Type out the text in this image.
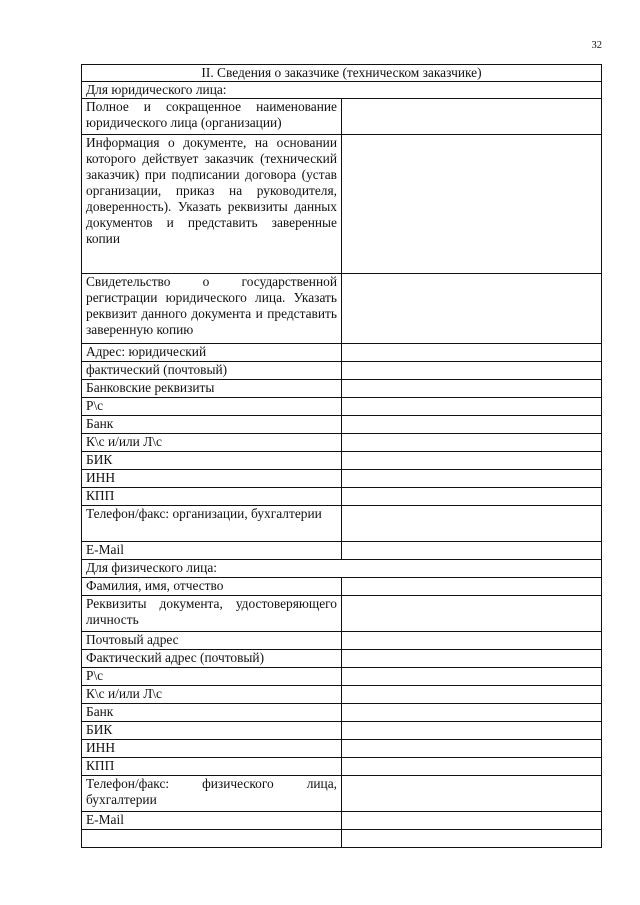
32
II. Сведения о заказчике (техническом заказчике)	
Для юридического лица:	
Полное и сокращенное наименование юридического лица (организации)	
Информация о документе, на основании которого действует заказчик (технический заказчик) при подписании договора (устав организации, приказ на руководителя, доверенность). Указать реквизиты данных документов и представить заверенные копии	
Свидетельство о государственной регистрации юридического лица. Указать реквизит данного документа и представить заверенную копию	
Адрес: юридический	
фактический (почтовый)	
Банковские реквизиты	
Р\с	
Банк	
К\с и/или Л\с	
БИК	
ИНН	
КПП	
Телефон/факс: организации, бухгалтерии	
E-Mail	
Для физического лица:	
Фамилия, имя, отчество	
Реквизиты документа, удостоверяющего личность	
Почтовый адрес	
Фактический адрес (почтовый)	
Р\с	
К\с и/или Л\с	
Банк	
БИК	
ИНН	
КПП	
Телефон/факс: физического лица, бухгалтерии	
E-Mail	
